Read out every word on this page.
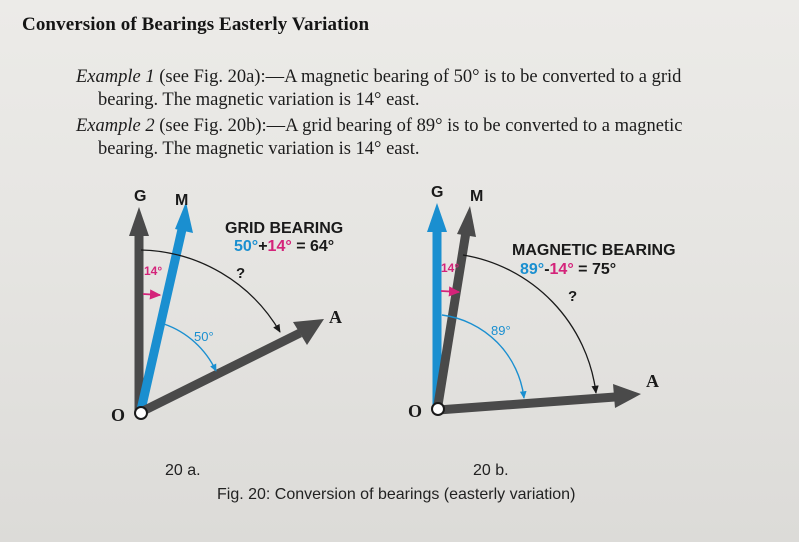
Conversion of Bearings Easterly Variation
Example 1 (see Fig. 20a):—A magnetic bearing of 50° is to be converted to a grid
bearing. The magnetic variation is 14° east.
Example 2 (see Fig. 20b):—A grid bearing of 89° is to be converted to a magnetic
bearing. The magnetic variation is 14° east.
G M
O
A
GRID BEARING
50°+14° = 64°
14°
50°
?
G M
O
A
MAGNETIC BEARING
89°-14° = 75°
14°
89°
?
20 a.	20 b.
Fig. 20: Conversion of bearings (easterly variation)
